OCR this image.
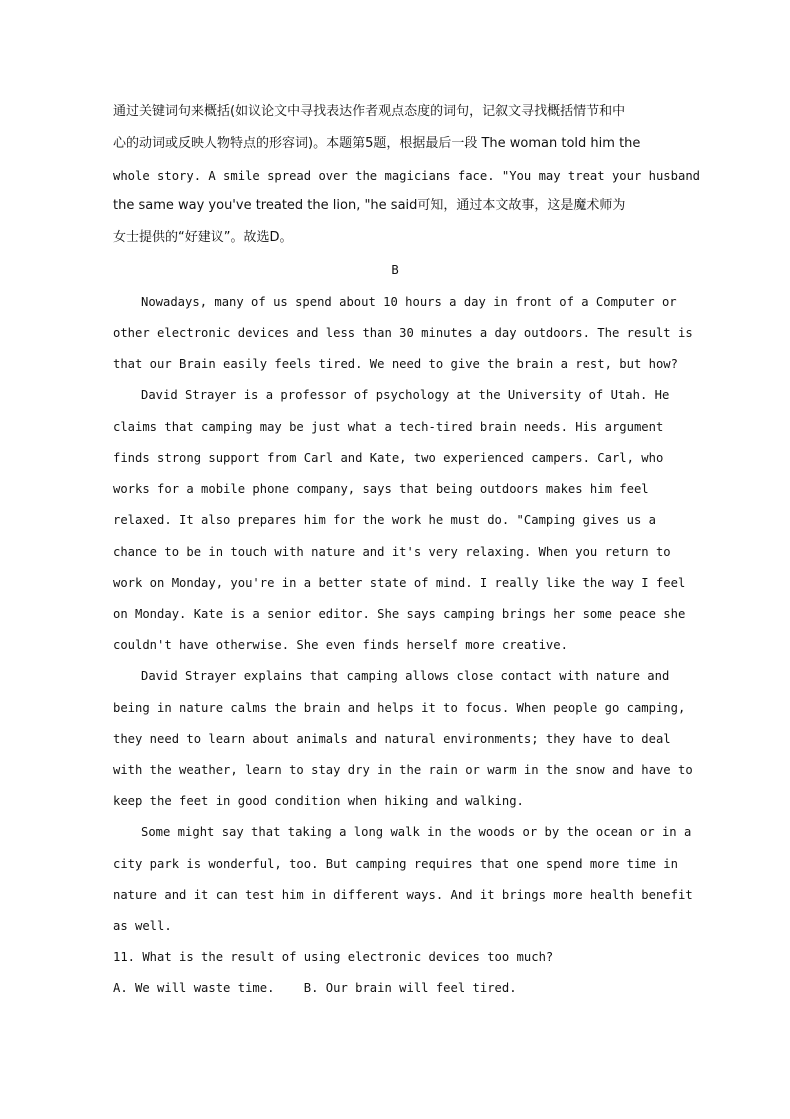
通过关键词句来概括(如议论文中寻找表达作者观点态度的词句，记叙文寻找概括情节和中
心的动词或反映人物特点的形容词)。本题第5题，根据最后一段 The woman told him the
whole story. A smile spread over the magicians face. "You may treat your husband
the same way you've treated the lion, "he said可知，通过本文故事，这是魔术师为
女士提供的“好建议”。故选D。
B
Nowadays, many of us spend about 10 hours a day in front of a Computer or
other electronic devices and less than 30 minutes a day outdoors. The result is
that our Brain easily feels tired. We need to give the brain a rest, but how?
David Strayer is a professor of psychology at the University of Utah. He
claims that camping may be just what a tech-tired brain needs. His argument
finds strong support from Carl and Kate, two experienced campers. Carl, who
works for a mobile phone company, says that being outdoors makes him feel
relaxed. It also prepares him for the work he must do. "Camping gives us a
chance to be in touch with nature and it's very relaxing. When you return to
work on Monday, you're in a better state of mind. I really like the way I feel
on Monday. Kate is a senior editor. She says camping brings her some peace she
couldn't have otherwise. She even finds herself more creative.
David Strayer explains that camping allows close contact with nature and
being in nature calms the brain and helps it to focus. When people go camping,
they need to learn about animals and natural environments; they have to deal
with the weather, learn to stay dry in the rain or warm in the snow and have to
keep the feet in good condition when hiking and walking.
Some might say that taking a long walk in the woods or by the ocean or in a
city park is wonderful, too. But camping requires that one spend more time in
nature and it can test him in different ways. And it brings more health benefit
as well.
11. What is the result of using electronic devices too much?
A. We will waste time.    B. Our brain will feel tired.
